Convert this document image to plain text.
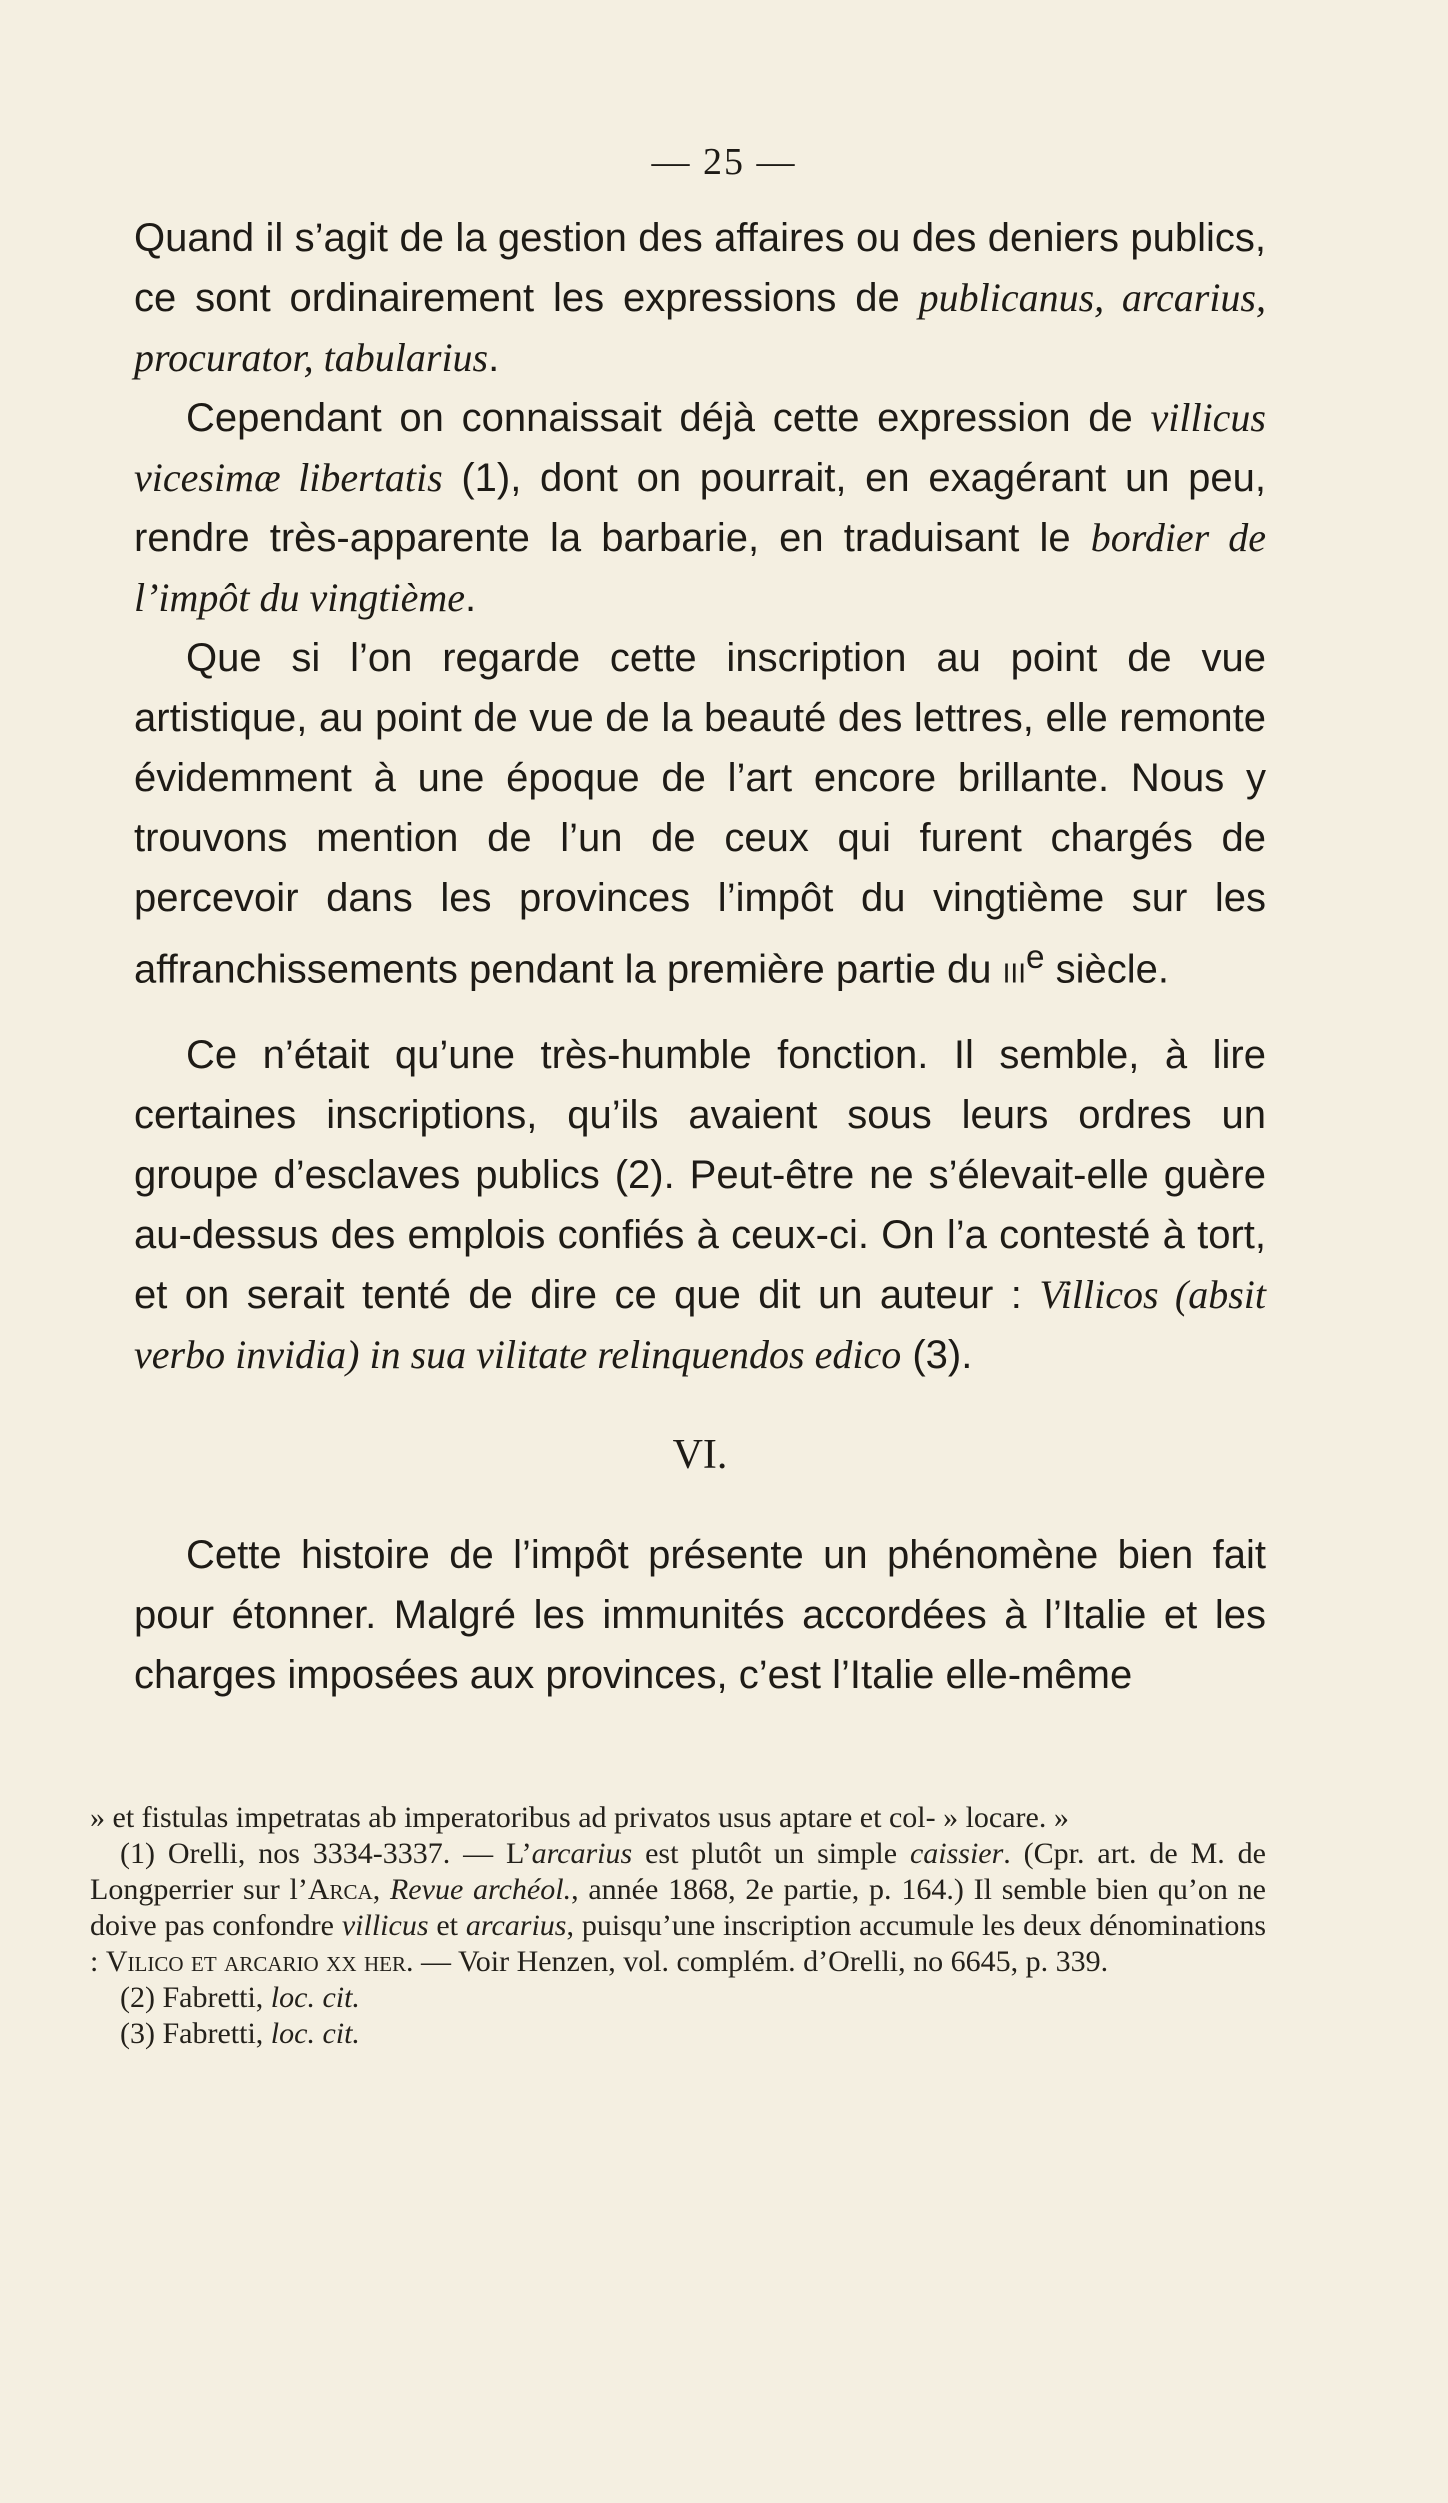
— 25 —

Quand il s’agit de la gestion des affaires ou des deniers publics, ce sont ordinairement les expressions de publicanus, arcarius, procurator, tabularius.

Cependant on connaissait déjà cette expression de villicus vicesimæ libertatis (1), dont on pourrait, en exagérant un peu, rendre très-apparente la barbarie, en traduisant le bordier de l’impôt du vingtième.

Que si l’on regarde cette inscription au point de vue artistique, au point de vue de la beauté des lettres, elle remonte évidemment à une époque de l’art encore brillante. Nous y trouvons mention de l’un de ceux qui furent chargés de percevoir dans les provinces l’impôt du vingtième sur les affranchissements pendant la première partie du iii$^e$ siècle.

Ce n’était qu’une très-humble fonction. Il semble, à lire certaines inscriptions, qu’ils avaient sous leurs ordres un groupe d’esclaves publics (2). Peut-être ne s’élevait-elle guère au-dessus des emplois confiés à ceux-ci. On l’a contesté à tort, et on serait tenté de dire ce que dit un auteur : Villicos (absit verbo invidia) in sua vilitate relinquendos edico (3).

VI.

Cette histoire de l’impôt présente un phénomène bien fait pour étonner. Malgré les immunités accordées à l’Italie et les charges imposées aux provinces, c’est l’Italie elle-même

» et fistulas impetratas ab imperatoribus ad privatos usus aptare et col- » locare. »

(1) Orelli, nos 3334-3337. — L’arcarius est plutôt un simple caissier. (Cpr. art. de M. de Longperrier sur l’Arca, Revue archéol., année 1868, 2e partie, p. 164.) Il semble bien qu’on ne doive pas confondre villicus et arcarius, puisqu’une inscription accumule les deux dénominations : Vilico et arcario xx her. — Voir Henzen, vol. complém. d’Orelli, no 6645, p. 339.

(2) Fabretti, loc. cit.

(3) Fabretti, loc. cit.
